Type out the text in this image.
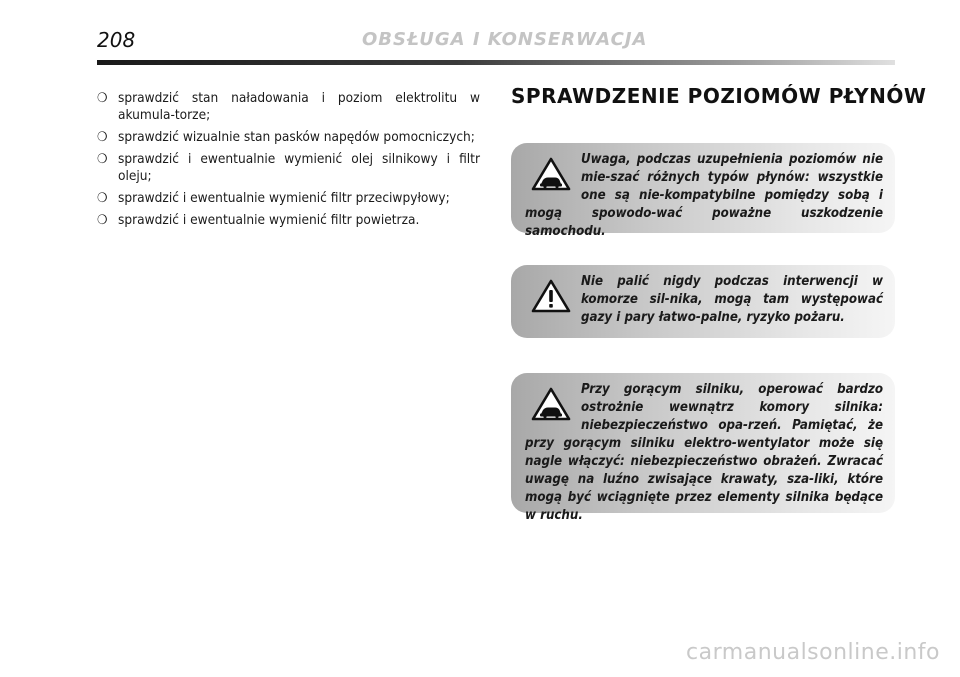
208	OBSŁUGA I KONSERWACJA
❍ sprawdzić stan naładowania i poziom elektrolitu w akumula-torze;
❍ sprawdzić wizualnie stan pasków napędów pomocniczych;
❍ sprawdzić i ewentualnie wymienić olej silnikowy i filtr oleju;
❍ sprawdzić i ewentualnie wymienić filtr przeciwpyłowy;
❍ sprawdzić i ewentualnie wymienić filtr powietrza.
SPRAWDZENIE POZIOMÓW PŁYNÓW

Uwaga, podczas uzupełnienia poziomów nie mie-szać różnych typów płynów: wszystkie one są nie-kompatybilne pomiędzy sobą i mogą spowodo-wać poważne uszkodzenie samochodu.

Nie palić nigdy podczas interwencji w komorze sil-nika, mogą tam występować gazy i pary łatwo-palne, ryzyko pożaru.

Przy gorącym silniku, operować bardzo ostrożnie wewnątrz komory silnika: niebezpieczeństwo opa-rzeń. Pamiętać, że przy gorącym silniku elektro-wentylator może się nagle włączyć: niebezpieczeństwo obrażeń. Zwracać uwagę na luźno zwisające krawaty, sza-liki, które mogą być wciągnięte przez elementy silnika będące w ruchu.

carmanualsonline.info
